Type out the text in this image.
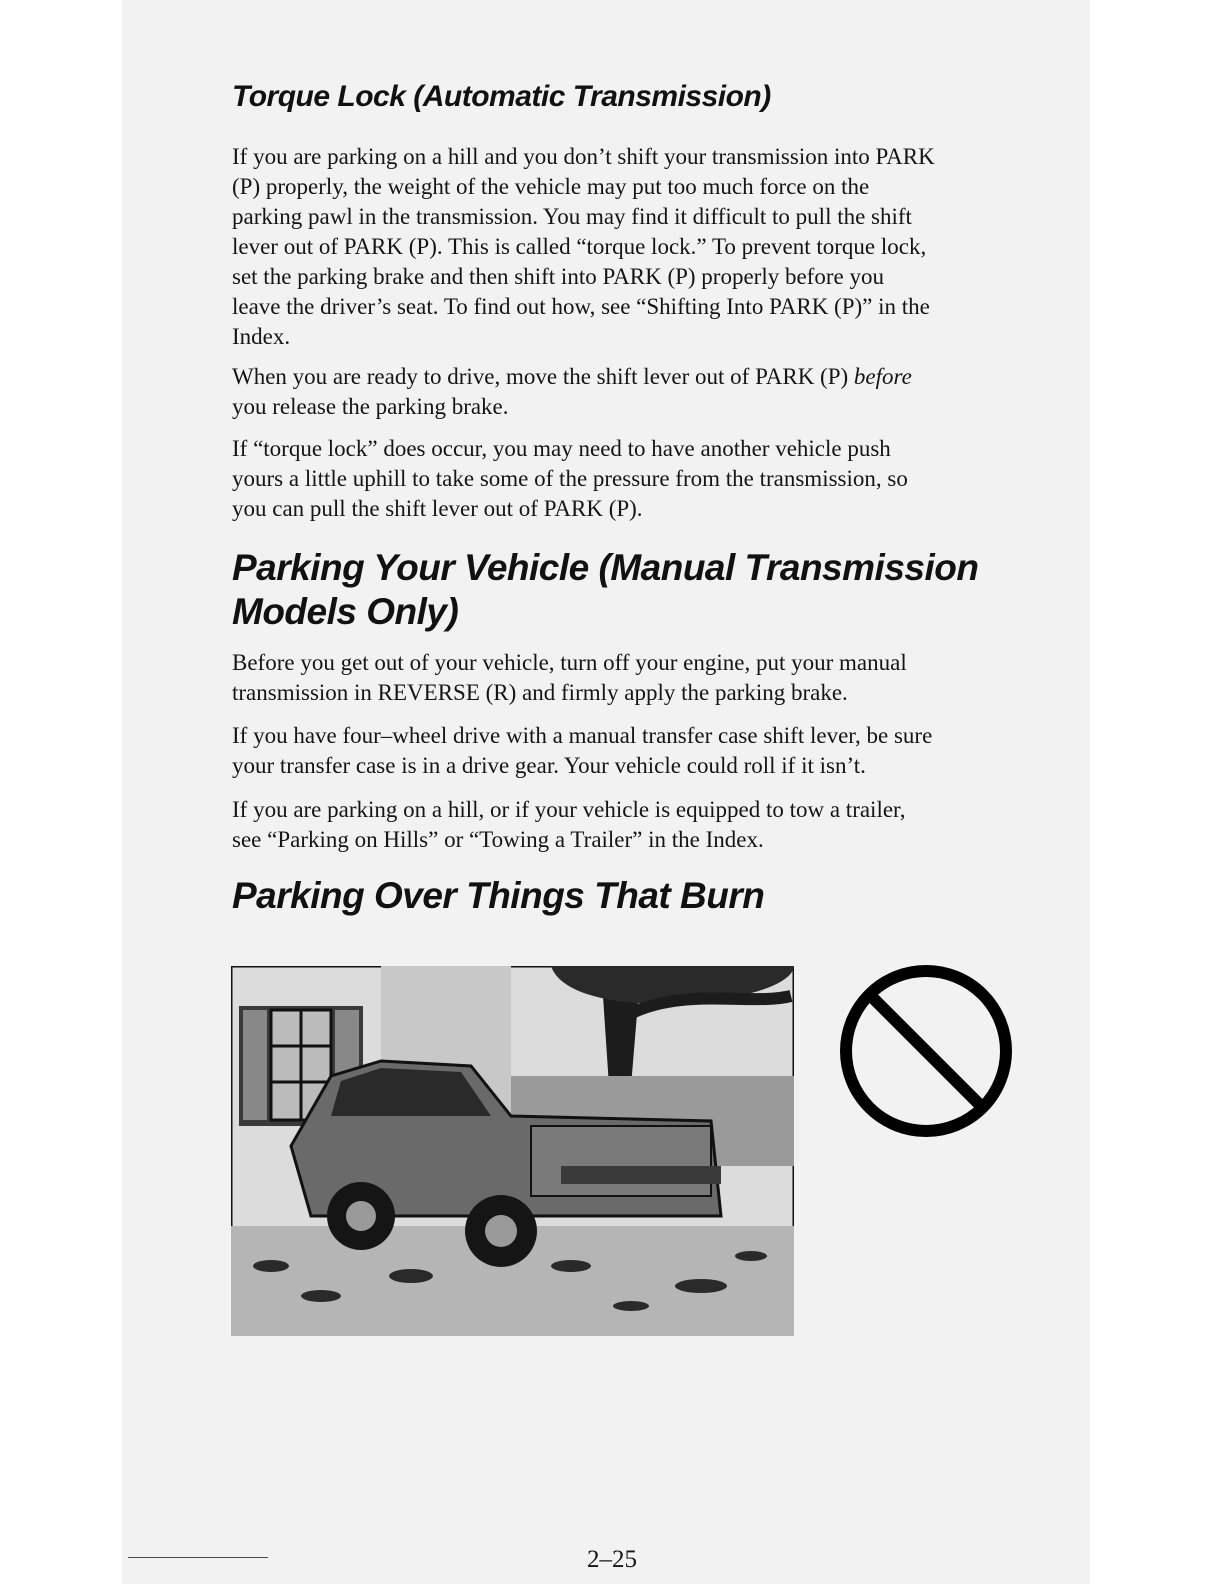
Torque Lock (Automatic Transmission)

If you are parking on a hill and you don’t shift your transmission into PARK
(P) properly, the weight of the vehicle may put too much force on the
parking pawl in the transmission. You may find it difficult to pull the shift
lever out of PARK (P). This is called “torque lock.” To prevent torque lock,
set the parking brake and then shift into PARK (P) properly before you
leave the driver’s seat. To find out how, see “Shifting Into PARK (P)” in the
Index.

When you are ready to drive, move the shift lever out of PARK (P) before
you release the parking brake.

If “torque lock” does occur, you may need to have another vehicle push
yours a little uphill to take some of the pressure from the transmission, so
you can pull the shift lever out of PARK (P).

Parking Your Vehicle (Manual Transmission Models Only)

Before you get out of your vehicle, turn off your engine, put your manual
transmission in REVERSE (R) and firmly apply the parking brake.

If you have four–wheel drive with a manual transfer case shift lever, be sure
your transfer case is in a drive gear. Your vehicle could roll if it isn’t.

If you are parking on a hill, or if your vehicle is equipped to tow a trailer,
see “Parking on Hills” or “Towing a Trailer” in the Index.

Parking Over Things That Burn
2–25
